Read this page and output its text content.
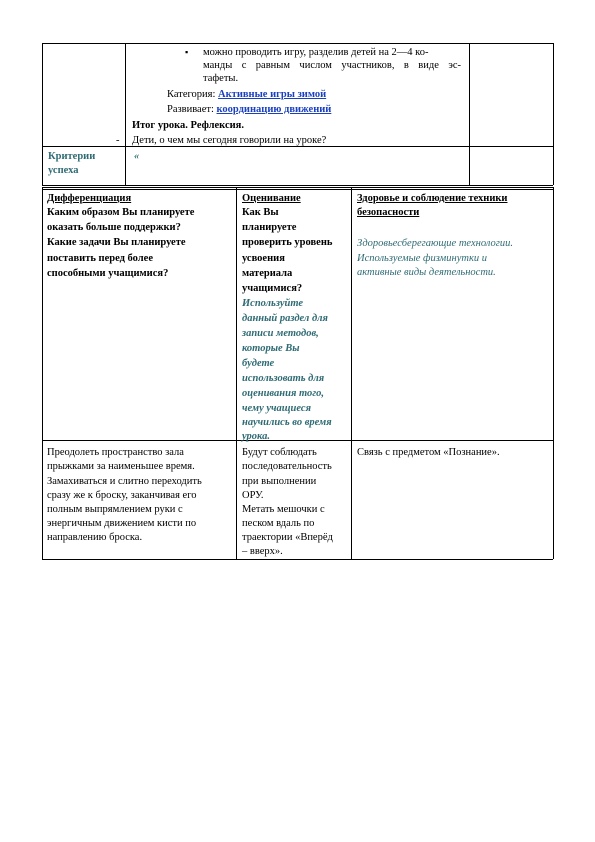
▪ можно проводить игру, разделив детей на 2—4 ко-
манды с равным числом участников, в виде эс-
тафеты.
Категория: Активные игры зимой
Развивает: координацию движений
Итог урока. Рефлексия.
- Дети, о чем мы сегодня говорили на уроке?
Критерии
успеха
«
Дифференциация
Каким образом Вы планируете
оказать больше поддержки?
Какие задачи Вы планируете
поставить перед более
способными учащимися?
Оценивание
Как Вы
планируете
проверить уровень
усвоения
материала
учащимися?
Используйте
данный раздел для
записи методов,
которые Вы
будете
использовать для
оценивания того,
чему учащиеся
научились во время
урока.
Здоровье и соблюдение техники
безопасности
Здоровьесберегающие технологии.
Используемые физминутки и
активные виды деятельности.
Преодолеть пространство зала
прыжками за наименьшее время.
Замахиваться и слитно переходить
сразу же к броску, заканчивая его
полным выпрямлением руки с
энергичным движением кисти по
направлению броска.
Будут соблюдать
последовательность
при выполнении
ОРУ.
Метать мешочки с
песком вдаль по
траектории «Вперёд
– вверх».
Связь с предметом «Познание».
